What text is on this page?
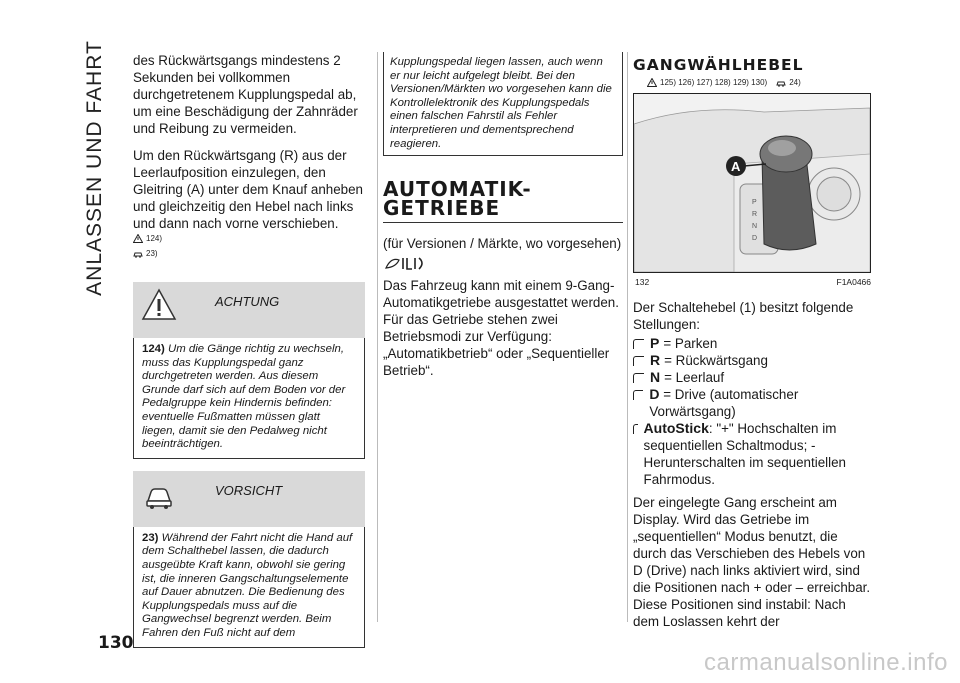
ANLASSEN UND FAHRT des Rückwärtsgangs mindestens 2 Sekunden bei vollkommen durchgetretenem Kupplungspedal ab, um eine Beschädigung der Zahnräder und Reibung zu vermeiden.

Um den Rückwärtsgang (R) aus der Leerlaufposition einzulegen, den Gleitring (A) unter dem Knauf anheben und gleichzeitig den Hebel nach links und dann nach vorne verschieben.

124)
23)
ACHTUNG
124) Um die Gänge richtig zu wechseln, muss das Kupplungspedal ganz durchgetreten werden. Aus diesem Grunde darf sich auf dem Boden vor der Pedalgruppe kein Hindernis befinden: eventuelle Fußmatten müssen glatt liegen, damit sie den Pedalweg nicht beeinträchtigen.
VORSICHT
23) Während der Fahrt nicht die Hand auf dem Schalthebel lassen, die dadurch ausgeübte Kraft kann, obwohl sie gering ist, die inneren Gangschaltungselemente auf Dauer abnutzen. Die Bedienung des Kupplungspedals muss auf die Gangwechsel begrenzt werden. Beim Fahren den Fuß nicht auf dem
Kupplungspedal liegen lassen, auch wenn er nur leicht aufgelegt bleibt. Bei den Versionen/Märkten wo vorgesehen kann die Kontrollelektronik des Kupplungspedals einen falschen Fahrstil als Fehler interpretieren und dementsprechend reagieren.
AUTOMATIK-GETRIEBE

(für Versionen / Märkte, wo vorgesehen)

Das Fahrzeug kann mit einem 9-Gang-Automatikgetriebe ausgestattet werden. Für das Getriebe stehen zwei Betriebsmodi zur Verfügung: „Automatikbetrieb“ oder „Sequentieller Betrieb“.

GANGWÄHLHEBEL
125) 126) 127) 128) 129) 130)	24)
P
R
N
D
A
132	F1A0466

Der Schaltehebel (1) besitzt folgende Stellungen:

P = Parken
R = Rückwärtsgang
N = Leerlauf
D = Drive (automatischer Vorwärtsgang)
AutoStick: "+" Hochschalten im sequentiellen Schaltmodus; - Herunterschalten im sequentiellen Fahrmodus.

Der eingelegte Gang erscheint am Display. Wird das Getriebe im „sequentiellen“ Modus benutzt, die durch das Verschieben des Hebels von D (Drive) nach links aktiviert wird, sind die Positionen nach + oder – erreichbar. Diese Positionen sind instabil: Nach dem Loslassen kehrt der

130
carmanualsonline.info
